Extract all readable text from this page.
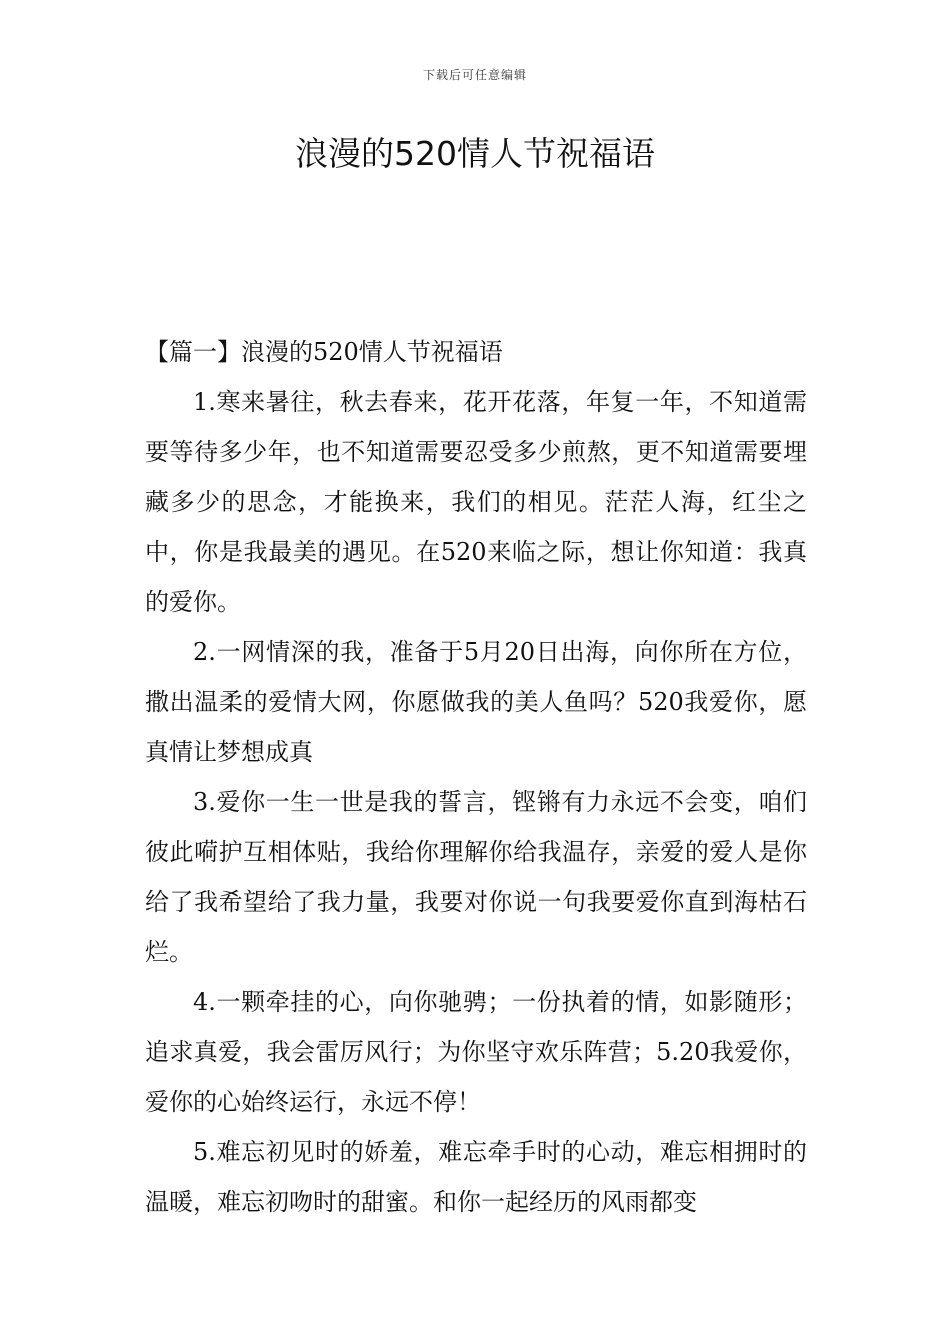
下载后可任意编辑
浪漫的520情人节祝福语
【篇一】浪漫的520情人节祝福语

1.寒来暑往，秋去春来，花开花落，年复一年，不知道需要等待多少年，也不知道需要忍受多少煎熬，更不知道需要埋藏多少的思念，才能换来，我们的相见。茫茫人海，红尘之中，你是我最美的遇见。在520来临之际，想让你知道：我真的爱你。

2.一网情深的我，准备于5月20日出海，向你所在方位，撒出温柔的爱情大网，你愿做我的美人鱼吗？520我爱你，愿真情让梦想成真

3.爱你一生一世是我的誓言，铿锵有力永远不会变，咱们彼此嗬护互相体贴，我给你理解你给我温存，亲爱的爱人是你给了我希望给了我力量，我要对你说一句我要爱你直到海枯石烂。

4.一颗牵挂的心，向你驰骋；一份执着的情，如影随形；追求真爱，我会雷厉风行；为你坚守欢乐阵营；5.20我爱你，爱你的心始终运行，永远不停！

5.难忘初见时的娇羞，难忘牵手时的心动，难忘相拥时的温暖，难忘初吻时的甜蜜。和你一起经历的风雨都变
